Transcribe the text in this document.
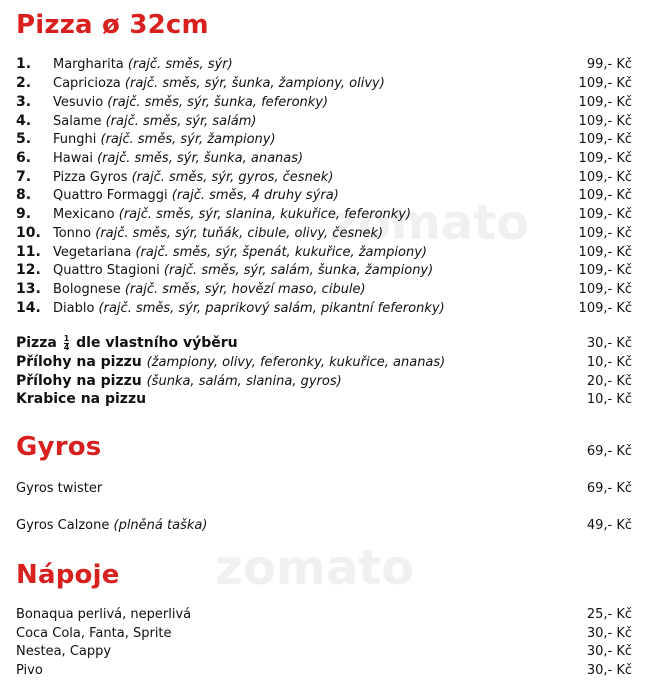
zomato
zomato
Pizza ø 32cm
1. Margharita (rajč. směs, sýr)	99,- Kč
2. Capricioza (rajč. směs, sýr, šunka, žampiony, olivy)	109,- Kč
3. Vesuvio (rajč. směs, sýr, šunka, feferonky)	109,- Kč
4. Salame (rajč. směs, sýr, salám)	109,- Kč
5. Funghi (rajč. směs, sýr, žampiony)	109,- Kč
6. Hawai (rajč. směs, sýr, šunka, ananas)	109,- Kč
7. Pizza Gyros (rajč. směs, sýr, gyros, česnek)	109,- Kč
8. Quattro Formaggi (rajč. směs, 4 druhy sýra)	109,- Kč
9. Mexicano (rajč. směs, sýr, slanina, kukuřice, feferonky)	109,- Kč
10. Tonno (rajč. směs, sýr, tuňák, cibule, olivy, česnek)	109,- Kč
11. Vegetariana (rajč. směs, sýr, špenát, kukuřice, žampiony)	109,- Kč
12. Quattro Stagioni (rajč. směs, sýr, salám, šunka, žampiony)	109,- Kč
13. Bolognese (rajč. směs, sýr, hovězí maso, cibule)	109,- Kč
14. Diablo (rajč. směs, sýr, paprikový salám, pikantní feferonky)	109,- Kč
Pizza $\frac{1}{4}$ dle vlastního výběru	30,- Kč
Přílohy na pizzu (žampiony, olivy, feferonky, kukuřice, ananas)	10,- Kč
Přílohy na pizzu (šunka, salám, slanina, gyros)	20,- Kč
Krabice na pizzu	10,- Kč
Gyros	69,- Kč
Gyros twister	69,- Kč
Gyros Calzone (plněná taška)	49,- Kč
Nápoje
Bonaqua perlivá, neperlivá	25,- Kč
Coca Cola, Fanta, Sprite	30,- Kč
Nestea, Cappy	30,- Kč
Pivo	30,- Kč
